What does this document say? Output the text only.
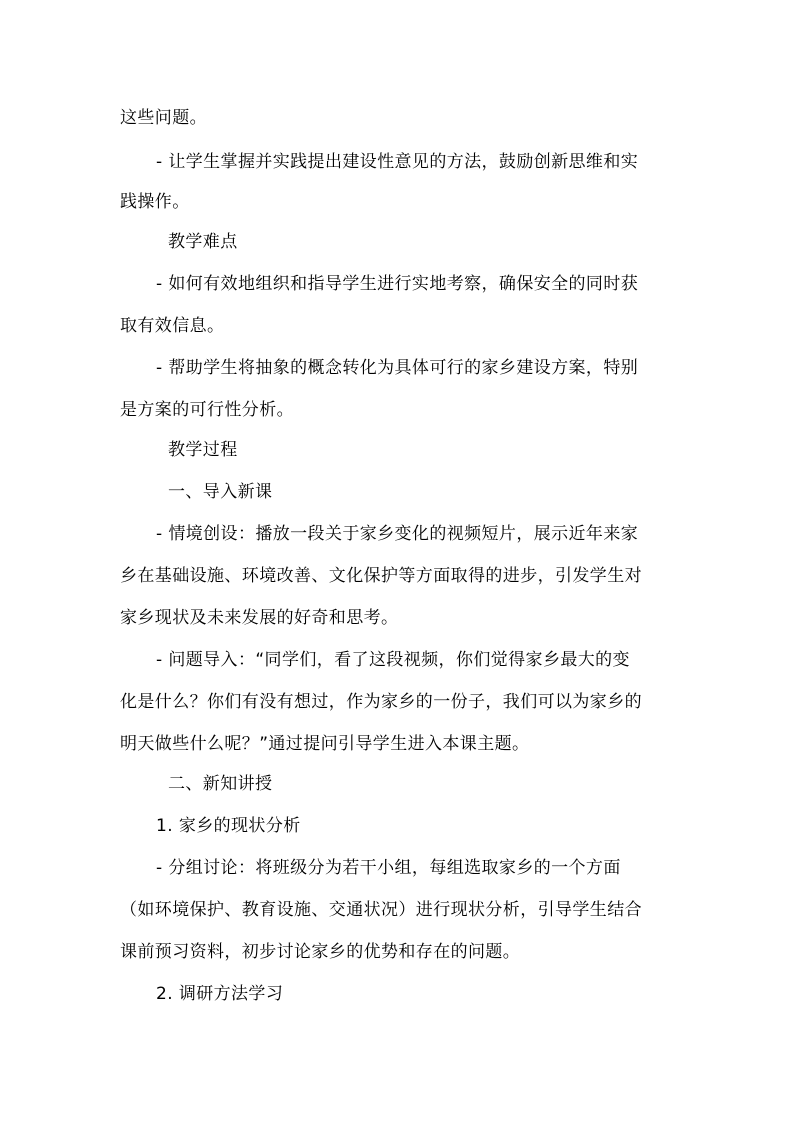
这些问题。
- 让学生掌握并实践提出建设性意见的方法，鼓励创新思维和实
践操作。
教学难点
- 如何有效地组织和指导学生进行实地考察，确保安全的同时获
取有效信息。
- 帮助学生将抽象的概念转化为具体可行的家乡建设方案，特别
是方案的可行性分析。
教学过程
一、导入新课
- 情境创设：播放一段关于家乡变化的视频短片，展示近年来家
乡在基础设施、环境改善、文化保护等方面取得的进步，引发学生对
家乡现状及未来发展的好奇和思考。
- 问题导入：“同学们，看了这段视频，你们觉得家乡最大的变
化是什么？你们有没有想过，作为家乡的一份子，我们可以为家乡的
明天做些什么呢？”通过提问引导学生进入本课主题。
二、新知讲授
1. 家乡的现状分析
- 分组讨论：将班级分为若干小组，每组选取家乡的一个方面
（如环境保护、教育设施、交通状况）进行现状分析，引导学生结合
课前预习资料，初步讨论家乡的优势和存在的问题。
2. 调研方法学习
